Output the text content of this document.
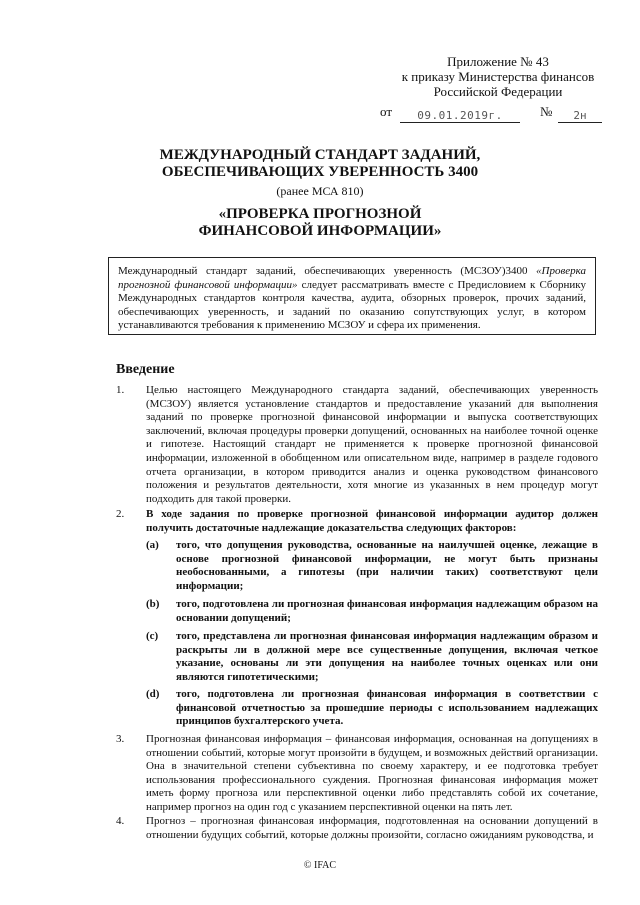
Приложение № 43
к приказу Министерства финансов
Российской Федерации
от	09.01.2019г.	№	2н
МЕЖДУНАРОДНЫЙ СТАНДАРТ ЗАДАНИЙ,
ОБЕСПЕЧИВАЮЩИХ УВЕРЕННОСТЬ 3400
(ранее МСА 810)
«ПРОВЕРКА ПРОГНОЗНОЙ
ФИНАНСОВОЙ ИНФОРМАЦИИ»
Международный стандарт заданий, обеспечивающих уверенность (МСЗОУ)3400 «Проверка прогнозной финансовой информации» следует рассматривать вместе с Предисловием к Сборнику Международных стандартов контроля качества, аудита, обзорных проверок, прочих заданий, обеспечивающих уверенность, и заданий по оказанию сопутствующих услуг, в котором устанавливаются требования к применению МСЗОУ и сфера их применения.
Введение
1.	Целью настоящего Международного стандарта заданий, обеспечивающих уверенность (МСЗОУ) является установление стандартов и предоставление указаний для выполнения заданий по проверке прогнозной финансовой информации и выпуска соответствующих заключений, включая процедуры проверки допущений, основанных на наиболее точной оценке и гипотезе. Настоящий стандарт не применяется к проверке прогнозной финансовой информации, изложенной в обобщенном или описательном виде, например в разделе годового отчета организации, в котором приводится анализ и оценка руководством финансового положения и результатов деятельности, хотя многие из указанных в нем процедур могут подходить для такой проверки.
2.	В ходе задания по проверке прогнозной финансовой информации аудитор должен получить достаточные надлежащие доказательства следующих факторов:
(a) того, что допущения руководства, основанные на наилучшей оценке, лежащие в основе прогнозной финансовой информации, не могут быть признаны необоснованными, а гипотезы (при наличии таких) соответствуют цели информации;
(b) того, подготовлена ли прогнозная финансовая информация надлежащим образом на основании допущений;
(c) того, представлена ли прогнозная финансовая информация надлежащим образом и раскрыты ли в должной мере все существенные допущения, включая четкое указание, основаны ли эти допущения на наиболее точных оценках или они являются гипотетическими;
(d) того, подготовлена ли прогнозная финансовая информация в соответствии с финансовой отчетностью за прошедшие периоды с использованием надлежащих принципов бухгалтерского учета.
3.	Прогнозная финансовая информация – финансовая информация, основанная на допущениях в отношении событий, которые могут произойти в будущем, и возможных действий организации. Она в значительной степени субъективна по своему характеру, и ее подготовка требует использования профессионального суждения. Прогнозная финансовая информация может иметь форму прогноза или перспективной оценки либо представлять собой их сочетание, например прогноз на один год с указанием перспективной оценки на пять лет.
4.	Прогноз – прогнозная финансовая информация, подготовленная на основании допущений в отношении будущих событий, которые должны произойти, согласно ожиданиям руководства, и
© IFAC
